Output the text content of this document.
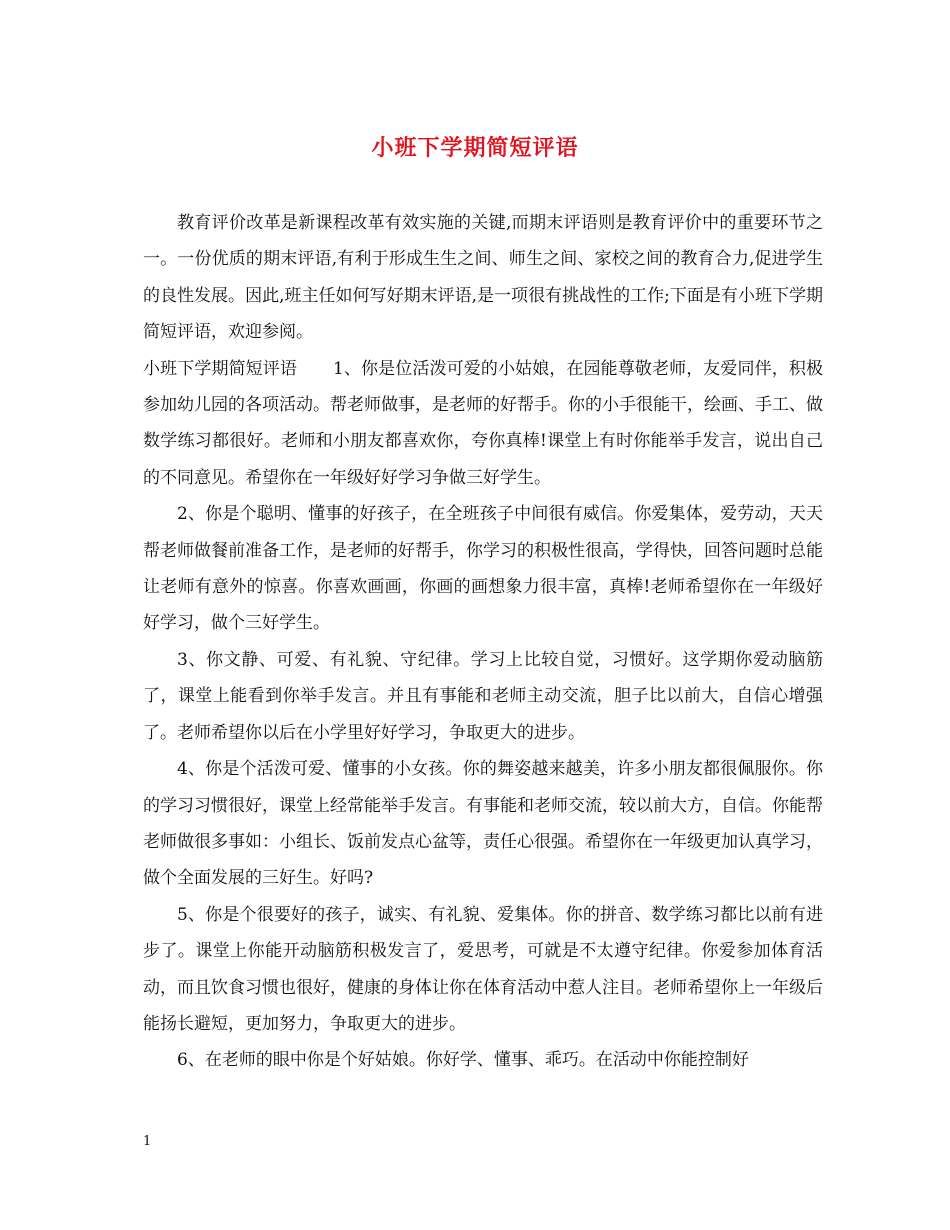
小班下学期简短评语

教育评价改革是新课程改革有效实施的关键,而期末评语则是教育评价中的重要环节之一。一份优质的期末评语,有利于形成生生之间、师生之间、家校之间的教育合力,促进学生的良性发展。因此,班主任如何写好期末评语,是一项很有挑战性的工作;下面是有小班下学期简短评语，欢迎参阅。

小班下学期简短评语 1、你是位活泼可爱的小姑娘，在园能尊敬老师，友爱同伴，积极参加幼儿园的各项活动。帮老师做事，是老师的好帮手。你的小手很能干，绘画、手工、做数学练习都很好。老师和小朋友都喜欢你，夸你真棒!课堂上有时你能举手发言，说出自己的不同意见。希望你在一年级好好学习争做三好学生。

2、你是个聪明、懂事的好孩子，在全班孩子中间很有威信。你爱集体，爱劳动，天天帮老师做餐前准备工作，是老师的好帮手，你学习的积极性很高，学得快，回答问题时总能让老师有意外的惊喜。你喜欢画画，你画的画想象力很丰富，真棒!老师希望你在一年级好好学习，做个三好学生。

3、你文静、可爱、有礼貌、守纪律。学习上比较自觉，习惯好。这学期你爱动脑筋了，课堂上能看到你举手发言。并且有事能和老师主动交流，胆子比以前大，自信心增强了。老师希望你以后在小学里好好学习，争取更大的进步。

4、你是个活泼可爱、懂事的小女孩。你的舞姿越来越美，许多小朋友都很佩服你。你的学习习惯很好，课堂上经常能举手发言。有事能和老师交流，较以前大方，自信。你能帮老师做很多事如：小组长、饭前发点心盆等，责任心很强。希望你在一年级更加认真学习，做个全面发展的三好生。好吗?

5、你是个很要好的孩子，诚实、有礼貌、爱集体。你的拼音、数学练习都比以前有进步了。课堂上你能开动脑筋积极发言了，爱思考，可就是不太遵守纪律。你爱参加体育活动，而且饮食习惯也很好，健康的身体让你在体育活动中惹人注目。老师希望你上一年级后能扬长避短，更加努力，争取更大的进步。

6、在老师的眼中你是个好姑娘。你好学、懂事、乖巧。在活动中你能控制好

1
